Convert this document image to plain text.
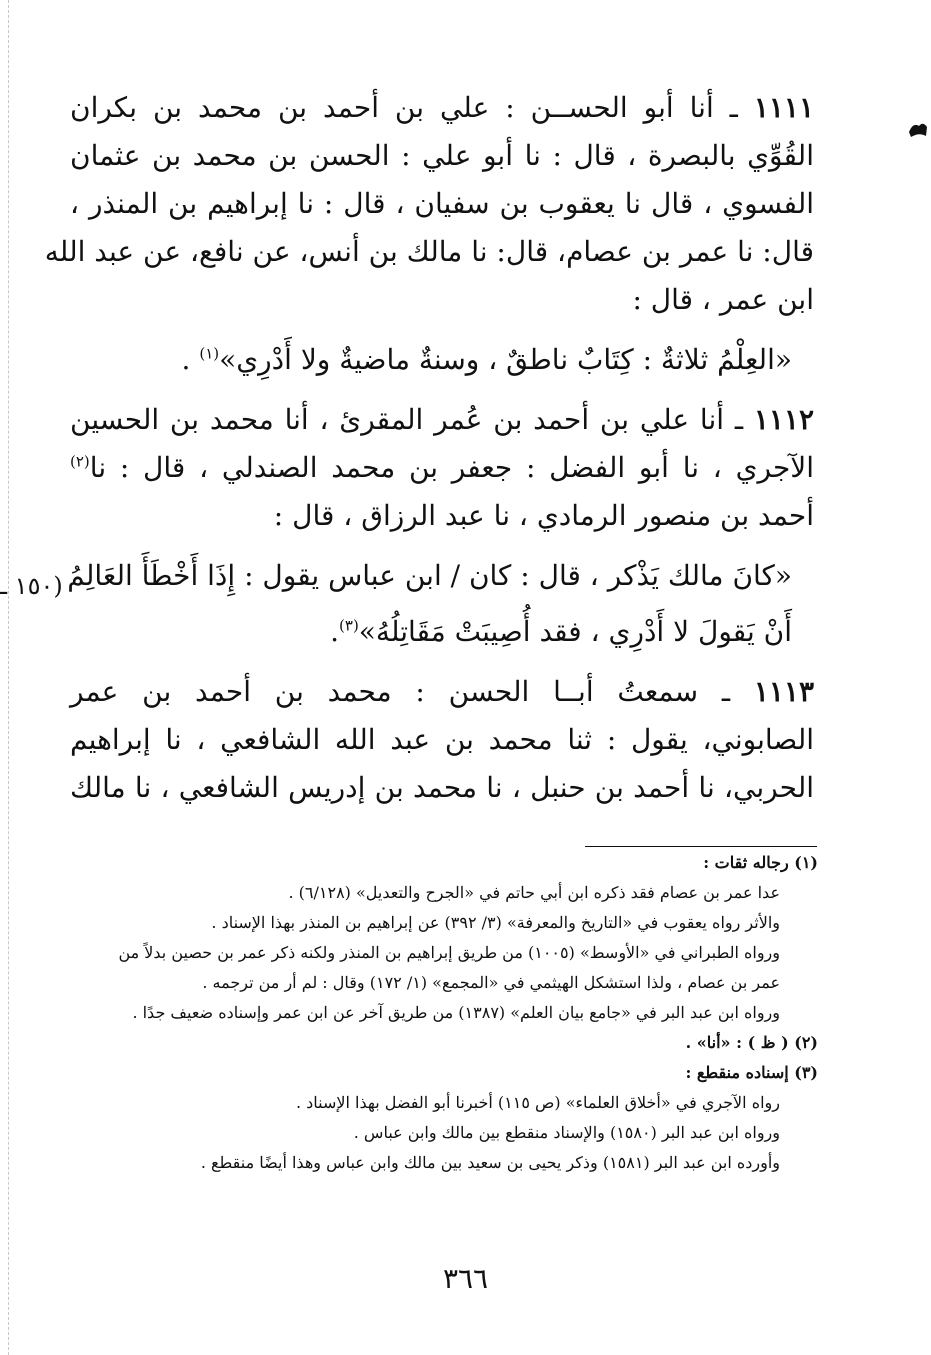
(١٥٠ ـ
١١١١ ـ أنا أبو الحســن : علي بن أحمد بن محمد بن بكران
القُوِّي بالبصرة ، قال : نا أبو علي : الحسن بن محمد بن عثمان
الفسوي ، قال نا يعقوب بن سفيان ، قال : نا إبراهيم بن المنذر ،
قال: نا عمر بن عصام، قال: نا مالك بن أنس، عن نافع، عن عبد الله
ابن عمر ، قال :
«العِلْمُ ثلاثةٌ : كِتَابٌ ناطقٌ ، وسنةٌ ماضيةٌ ولا أَدْرِي»$^{(١)}$ .
١١١٢ ـ أنا علي بن أحمد بن عُمر المقرئ ، أنا محمد بن الحسين
الآجري ، نا أبو الفضل : جعفر بن محمد الصندلي ، قال : نا$^{(٢)}$
أحمد بن منصور الرمادي ، نا عبد الرزاق ، قال :
«كانَ مالك يَذْكر ، قال : كان / ابن عباس يقول : إِذَا أَخْطَأَ العَالِمُ
أَنْ يَقولَ لا أَدْرِي ، فقد أُصِيبَتْ مَقَاتِلُهُ»$^{(٣)}$.
١١١٣ ـ سمعتُ أبــا الحسن : محمد بن أحمد بن عمر
الصابوني، يقول : ثنا محمد بن عبد الله الشافعي ، نا إبراهيم
الحربي، نا أحمد بن حنبل ، نا محمد بن إدريس الشافعي ، نا مالك
(١) رجاله ثقات :
عدا عمر بن عصام فقد ذكره ابن أبي حاتم في «الجرح والتعديل» (٦/١٢٨) .
والأثر رواه يعقوب في «التاريخ والمعرفة» (٣/ ٣٩٢) عن إبراهيم بن المنذر بهذا الإسناد .
ورواه الطبراني في «الأوسط» (١٠٠٥) من طريق إبراهيم بن المنذر ولكنه ذكر عمر بن حصين بدلاً من
عمر بن عصام ، ولذا استشكل الهيثمي في «المجمع» (١/ ١٧٢) وقال : لم أر من ترجمه .
ورواه ابن عبد البر في «جامع بيان العلم» (١٣٨٧) من طريق آخر عن ابن عمر وإسناده ضعيف جدًا .
(٢) ( ظ ) : «أنا» .
(٣) إسناده منقطع :
رواه الآجري في «أخلاق العلماء» (ص ١١٥) أخبرنا أبو الفضل بهذا الإسناد .
ورواه ابن عبد البر (١٥٨٠) والإسناد منقطع بين مالك وابن عباس .
وأورده ابن عبد البر (١٥٨١) وذكر يحيى بن سعيد بين مالك وابن عباس وهذا أيضًا منقطع .
٣٦٦
